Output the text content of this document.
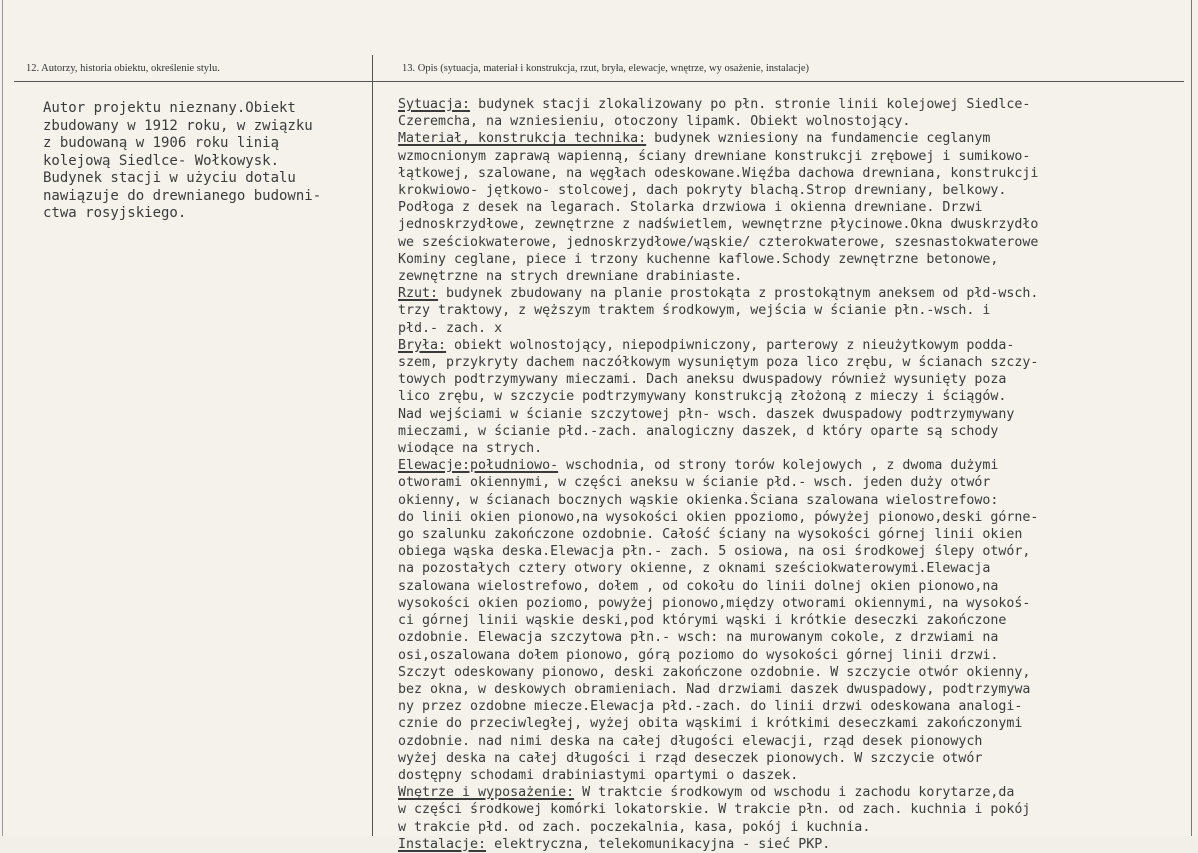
12. Autorzy, historia obiektu, określenie stylu.	13. Opis (sytuacja, materiał i konstrukcja, rzut, bryła, elewacje, wnętrze, wy osażenie, instalacje)
Autor projektu nieznany.Obiekt
zbudowany w 1912 roku, w związku
z budowaną w 1906 roku linią
kolejową Siedlce- Wołkowysk.
Budynek stacji w użyciu dotalu
nawiązuje do drewnianego budowni-
ctwa rosyjskiego.
Sytuacja: budynek stacji zlokalizowany po płn. stronie linii kolejowej Siedlce-
Czeremcha, na wzniesieniu, otoczony lipamk. Obiekt wolnostojący.
Materiał, konstrukcja technika: budynek wzniesiony na fundamencie ceglanym
wzmocnionym zaprawą wapienną, ściany drewniane konstrukcji zrębowej i sumikowo-
łątkowej, szalowane, na węgłach odeskowane.Więźba dachowa drewniana, konstrukcji
krokwiowo- jętkowo- stolcowej, dach pokryty blachą.Strop drewniany, belkowy.
Podłoga z desek na legarach. Stolarka drzwiowa i okienna drewniane. Drzwi
jednoskrzydłowe, zewnętrzne z nadświetlem, wewnętrzne płycinowe.Okna dwuskrzydło
we sześciokwaterowe, jednoskrzydłowe/wąskie/ czterokwaterowe, szesnastokwaterowe
Kominy ceglane, piece i trzony kuchenne kaflowe.Schody zewnętrzne betonowe,
zewnętrzne na strych drewniane drabiniaste.
Rzut: budynek zbudowany na planie prostokąta z prostokątnym aneksem od płd-wsch.
trzy traktowy, z węższym traktem środkowym, wejścia w ścianie płn.-wsch. i
płd.- zach. x
Bryła: obiekt wolnostojący, niepodpiwniczony, parterowy z nieużytkowym podda-
szem, przykryty dachem naczółkowym wysuniętym poza lico zrębu, w ścianach szczy-
towych podtrzymywany mieczami. Dach aneksu dwuspadowy również wysunięty poza
lico zrębu, w szczycie podtrzymywany konstrukcją złożoną z mieczy i ściągów.
Nad wejściami w ścianie szczytowej płn- wsch. daszek dwuspadowy podtrzymywany
mieczami, w ścianie płd.-zach. analogiczny daszek, d który oparte są schody
wiodące na strych.
Elewacje:południowo- wschodnia, od strony torów kolejowych , z dwoma dużymi
otworami okiennymi, w części aneksu w ścianie płd.- wsch. jeden duży otwór
okienny, w ścianach bocznych wąskie okienka.Ściana szalowana wielostrefowo:
do linii okien pionowo,na wysokości okien ppoziomo, pówyżej pionowo,deski górne-
go szalunku zakończone ozdobnie. Całość ściany na wysokości górnej linii okien
obiega wąska deska.Elewacja płn.- zach. 5 osiowa, na osi środkowej ślepy otwór,
na pozostałych cztery otwory okienne, z oknami sześciokwaterowymi.Elewacja
szalowana wielostrefowo, dołem , od cokołu do linii dolnej okien pionowo,na
wysokości okien poziomo, powyżej pionowo,między otworami okiennymi, na wysokoś-
ci górnej linii wąskie deski,pod którymi wąski i krótkie deseczki zakończone
ozdobnie. Elewacja szczytowa płn.- wsch: na murowanym cokole, z drzwiami na
osi,oszalowana dołem pionowo, górą poziomo do wysokości górnej linii drzwi.
Szczyt odeskowany pionowo, deski zakończone ozdobnie. W szczycie otwór okienny,
bez okna, w deskowych obramieniach. Nad drzwiami daszek dwuspadowy, podtrzymywa
ny przez ozdobne miecze.Elewacja płd.-zach. do linii drzwi odeskowana analogi-
cznie do przeciwległej, wyżej obita wąskimi i krótkimi deseczkami zakończonymi
ozdobnie. nad nimi deska na całej długości elewacji, rząd desek pionowych
wyżej deska na całej długości i rząd deseczek pionowych. W szczycie otwór
dostępny schodami drabiniastymi opartymi o daszek.
Wnętrze i wyposażenie: W traktcie środkowym od wschodu i zachodu korytarze,da
w części środkowej komórki lokatorskie. W trakcie płn. od zach. kuchnia i pokój
w trakcie płd. od zach. poczekalnia, kasa, pokój i kuchnia.
Instalacje: elektryczna, telekomunikacyjna - sieć PKP.
